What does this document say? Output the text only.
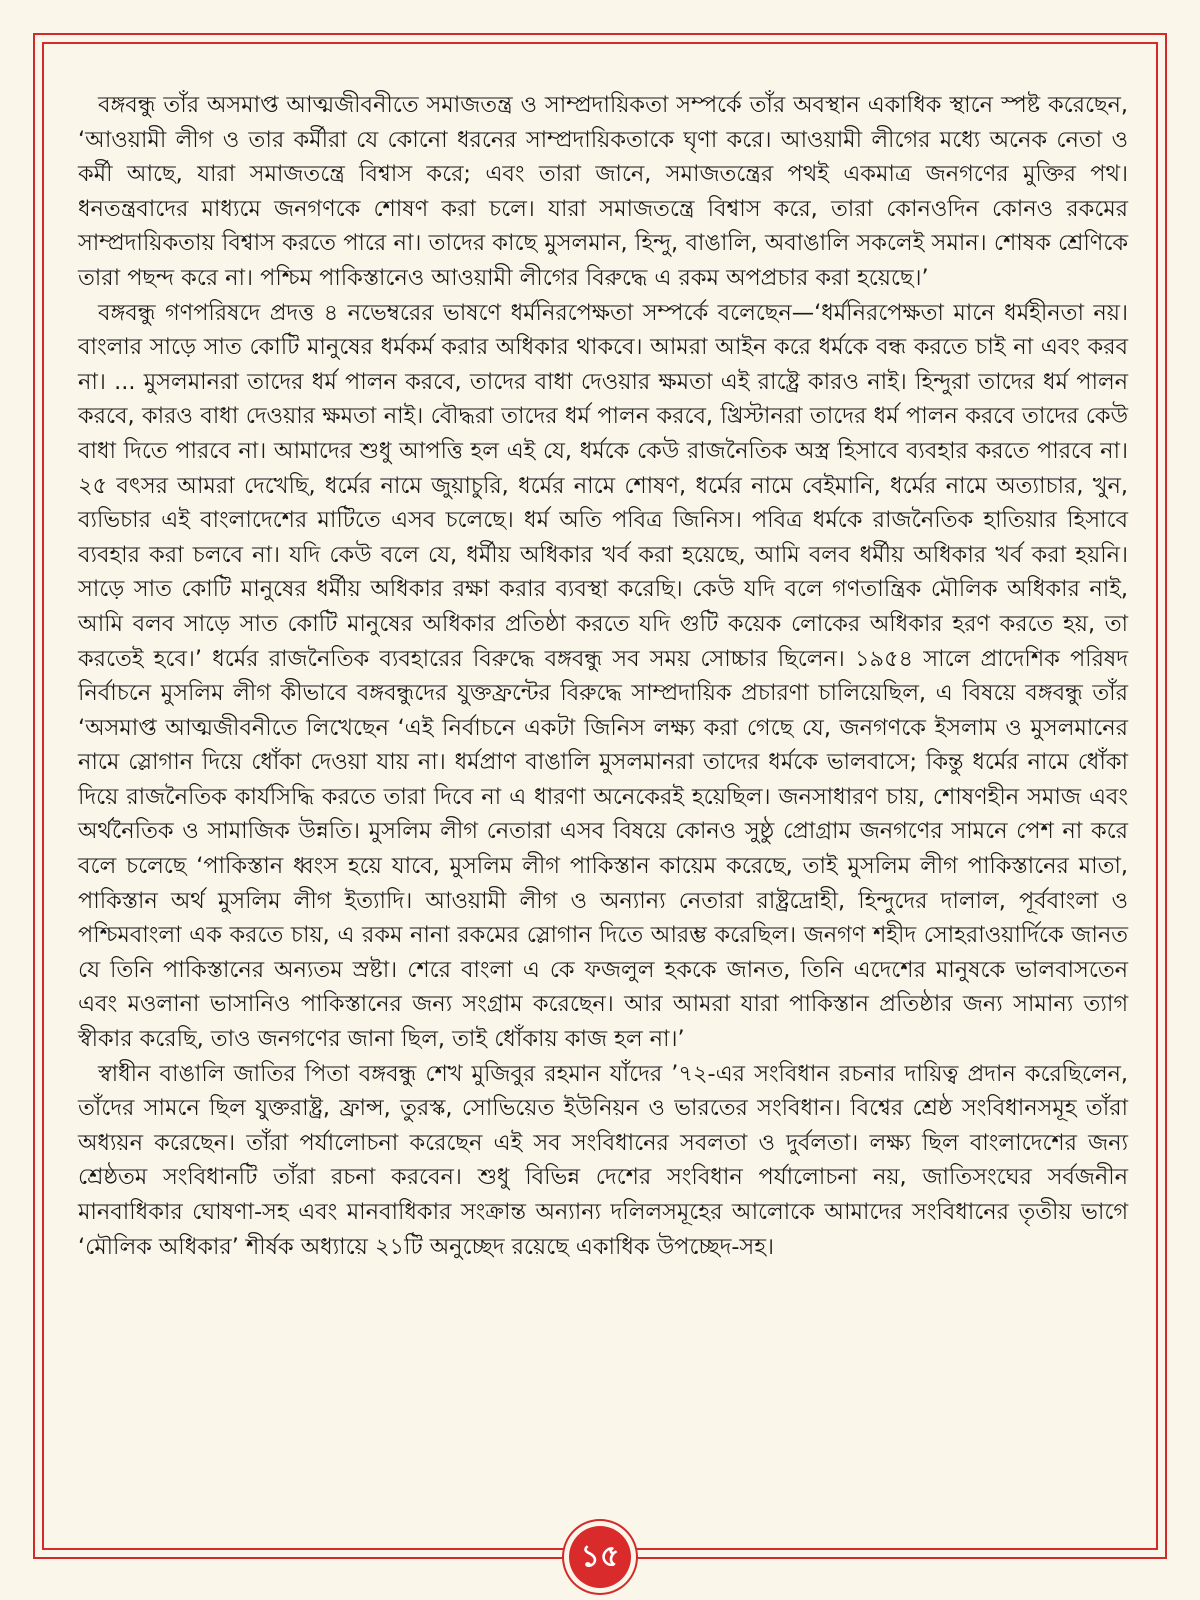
বঙ্গবন্ধু তাঁর অসমাপ্ত আত্মজীবনীতে সমাজতন্ত্র ও সাম্প্রদায়িকতা সম্পর্কে তাঁর অবস্থান একাধিক স্থানে স্পষ্ট করেছেন, ‘আওয়ামী লীগ ও তার কর্মীরা যে কোনো ধরনের সাম্প্রদায়িকতাকে ঘৃণা করে। আওয়ামী লীগের মধ্যে অনেক নেতা ও কর্মী আছে, যারা সমাজতন্ত্রে বিশ্বাস করে; এবং তারা জানে, সমাজতন্ত্রের পথই একমাত্র জনগণের মুক্তির পথ। ধনতন্ত্রবাদের মাধ্যমে জনগণকে শোষণ করা চলে। যারা সমাজতন্ত্রে বিশ্বাস করে, তারা কোনওদিন কোনও রকমের সাম্প্রদায়িকতায় বিশ্বাস করতে পারে না। তাদের কাছে মুসলমান, হিন্দু, বাঙালি, অবাঙালি সকলেই সমান। শোষক শ্রেণিকে তারা পছন্দ করে না। পশ্চিম পাকিস্তানেও আওয়ামী লীগের বিরুদ্ধে এ রকম অপপ্রচার করা হয়েছে।’

বঙ্গবন্ধু গণপরিষদে প্রদত্ত ৪ নভেম্বরের ভাষণে ধর্মনিরপেক্ষতা সম্পর্কে বলেছেন—‘ধর্মনিরপেক্ষতা মানে ধর্মহীনতা নয়। বাংলার সাড়ে সাত কোটি মানুষের ধর্মকর্ম করার অধিকার থাকবে। আমরা আইন করে ধর্মকে বন্ধ করতে চাই না এবং করব না। ... মুসলমানরা তাদের ধর্ম পালন করবে, তাদের বাধা দেওয়ার ক্ষমতা এই রাষ্ট্রে কারও নাই। হিন্দুরা তাদের ধর্ম পালন করবে, কারও বাধা দেওয়ার ক্ষমতা নাই। বৌদ্ধরা তাদের ধর্ম পালন করবে, খ্রিস্টানরা তাদের ধর্ম পালন করবে তাদের কেউ বাধা দিতে পারবে না। আমাদের শুধু আপত্তি হল এই যে, ধর্মকে কেউ রাজনৈতিক অস্ত্র হিসাবে ব্যবহার করতে পারবে না। ২৫ বৎসর আমরা দেখেছি, ধর্মের নামে জুয়াচুরি, ধর্মের নামে শোষণ, ধর্মের নামে বেইমানি, ধর্মের নামে অত্যাচার, খুন, ব্যভিচার এই বাংলাদেশের মাটিতে এসব চলেছে। ধর্ম অতি পবিত্র জিনিস। পবিত্র ধর্মকে রাজনৈতিক হাতিয়ার হিসাবে ব্যবহার করা চলবে না। যদি কেউ বলে যে, ধর্মীয় অধিকার খর্ব করা হয়েছে, আমি বলব ধর্মীয় অধিকার খর্ব করা হয়নি। সাড়ে সাত কোটি মানুষের ধর্মীয় অধিকার রক্ষা করার ব্যবস্থা করেছি। কেউ যদি বলে গণতান্ত্রিক মৌলিক অধিকার নাই, আমি বলব সাড়ে সাত কোটি মানুষের অধিকার প্রতিষ্ঠা করতে যদি গুটি কয়েক লোকের অধিকার হরণ করতে হয়, তা করতেই হবে।’ ধর্মের রাজনৈতিক ব্যবহারের বিরুদ্ধে বঙ্গবন্ধু সব সময় সোচ্চার ছিলেন। ১৯৫৪ সালে প্রাদেশিক পরিষদ নির্বাচনে মুসলিম লীগ কীভাবে বঙ্গবন্ধুদের যুক্তফ্রন্টের বিরুদ্ধে সাম্প্রদায়িক প্রচারণা চালিয়েছিল, এ বিষয়ে বঙ্গবন্ধু তাঁর ‘অসমাপ্ত আত্মজীবনীতে লিখেছেন ‘এই নির্বাচনে একটা জিনিস লক্ষ্য করা গেছে যে, জনগণকে ইসলাম ও মুসলমানের নামে স্লোগান দিয়ে ধোঁকা দেওয়া যায় না। ধর্মপ্রাণ বাঙালি মুসলমানরা তাদের ধর্মকে ভালবাসে; কিন্তু ধর্মের নামে ধোঁকা দিয়ে রাজনৈতিক কার্যসিদ্ধি করতে তারা দিবে না এ ধারণা অনেকেরই হয়েছিল। জনসাধারণ চায়, শোষণহীন সমাজ এবং অর্থনৈতিক ও সামাজিক উন্নতি। মুসলিম লীগ নেতারা এসব বিষয়ে কোনও সুষ্ঠু প্রোগ্রাম জনগণের সামনে পেশ না করে বলে চলেছে ‘পাকিস্তান ধ্বংস হয়ে যাবে, মুসলিম লীগ পাকিস্তান কায়েম করেছে, তাই মুসলিম লীগ পাকিস্তানের মাতা, পাকিস্তান অর্থ মুসলিম লীগ ইত্যাদি। আওয়ামী লীগ ও অন্যান্য নেতারা রাষ্ট্রদ্রোহী, হিন্দুদের দালাল, পূর্ববাংলা ও পশ্চিমবাংলা এক করতে চায়, এ রকম নানা রকমের স্লোগান দিতে আরম্ভ করেছিল। জনগণ শহীদ সোহরাওয়ার্দিকে জানত যে তিনি পাকিস্তানের অন্যতম স্রষ্টা। শেরে বাংলা এ কে ফজলুল হককে জানত, তিনি এদেশের মানুষকে ভালবাসতেন এবং মওলানা ভাসানিও পাকিস্তানের জন্য সংগ্রাম করেছেন। আর আমরা যারা পাকিস্তান প্রতিষ্ঠার জন্য সামান্য ত্যাগ স্বীকার করেছি, তাও জনগণের জানা ছিল, তাই ধোঁকায় কাজ হল না।’

স্বাধীন বাঙালি জাতির পিতা বঙ্গবন্ধু শেখ মুজিবুর রহমান যাঁদের ’৭২-এর সংবিধান রচনার দায়িত্ব প্রদান করেছিলেন, তাঁদের সামনে ছিল যুক্তরাষ্ট্র, ফ্রান্স, তুরস্ক, সোভিয়েত ইউনিয়ন ও ভারতের সংবিধান। বিশ্বের শ্রেষ্ঠ সংবিধানসমূহ তাঁরা অধ্যয়ন করেছেন। তাঁরা পর্যালোচনা করেছেন এই সব সংবিধানের সবলতা ও দুর্বলতা। লক্ষ্য ছিল বাংলাদেশের জন্য শ্রেষ্ঠতম সংবিধানটি তাঁরা রচনা করবেন। শুধু বিভিন্ন দেশের সংবিধান পর্যালোচনা নয়, জাতিসংঘের সর্বজনীন মানবাধিকার ঘোষণা-সহ এবং মানবাধিকার সংক্রান্ত অন্যান্য দলিলসমূহের আলোকে আমাদের সংবিধানের তৃতীয় ভাগে ‘মৌলিক অধিকার’ শীর্ষক অধ্যায়ে ২১টি অনুচ্ছেদ রয়েছে একাধিক উপচ্ছেদ-সহ।

১৫
